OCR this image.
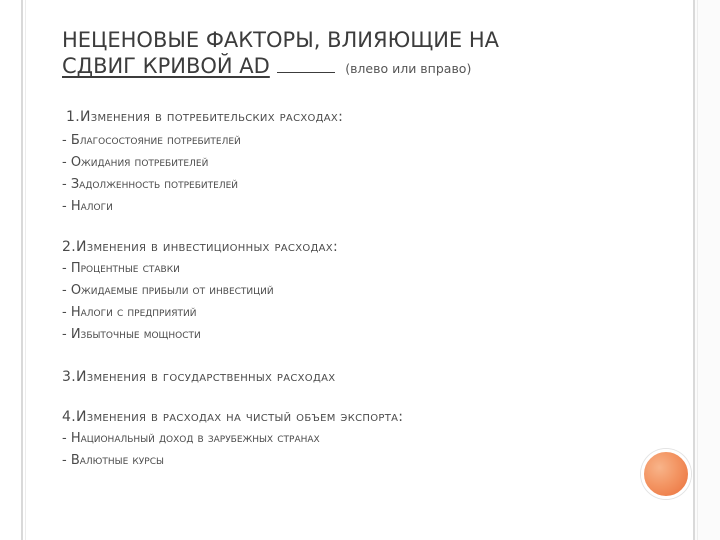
НЕЦЕНОВЫЕ ФАКТОРЫ, ВЛИЯЮЩИЕ НА
СДВИГ КРИВОЙ AD	(влево или вправо)
1.Изменения в потребительских расходах:
- Благосостояние потребителей
- Ожидания потребителей
- Задолженность потребителей
- Налоги
2.Изменения в инвестиционных расходах:
- Процентные ставки
- Ожидаемые прибыли от инвестиций
- Налоги с предприятий
- Избыточные мощности
3.Изменения в государственных расходах
4.Изменения в расходах на чистый объем экспорта:
- Национальный доход в зарубежных странах
- Валютные курсы
